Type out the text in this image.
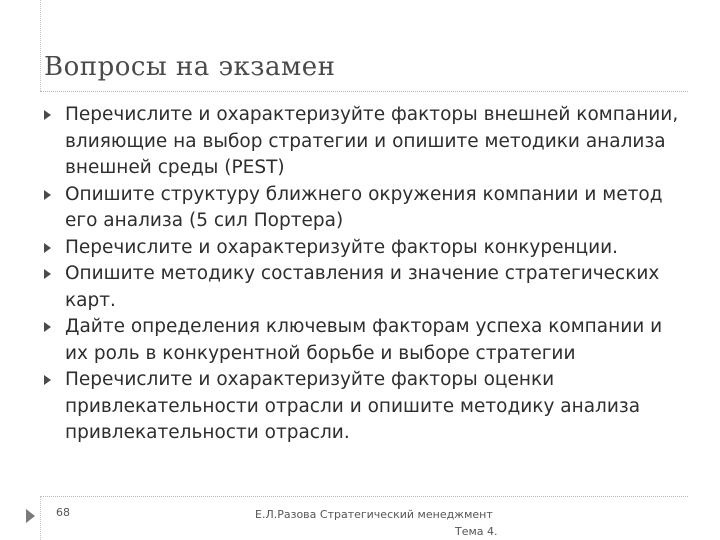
Вопросы на экзамен
Перечислите и охарактеризуйте факторы внешней компании, влияющие на выбор стратегии и опишите методики анализа внешней среды (PEST)
Опишите структуру ближнего окружения компании и метод его анализа (5 сил Портера)
Перечислите и охарактеризуйте факторы конкуренции.
Опишите методику составления и значение стратегических карт.
Дайте определения ключевым факторам успеха компании и их роль в конкурентной борьбе и выборе стратегии
Перечислите и охарактеризуйте факторы оценки привлекательности отрасли и опишите методику анализа привлекательности отрасли.
68	Е.Л.Разова Стратегический менеджмент
Тема 4.
